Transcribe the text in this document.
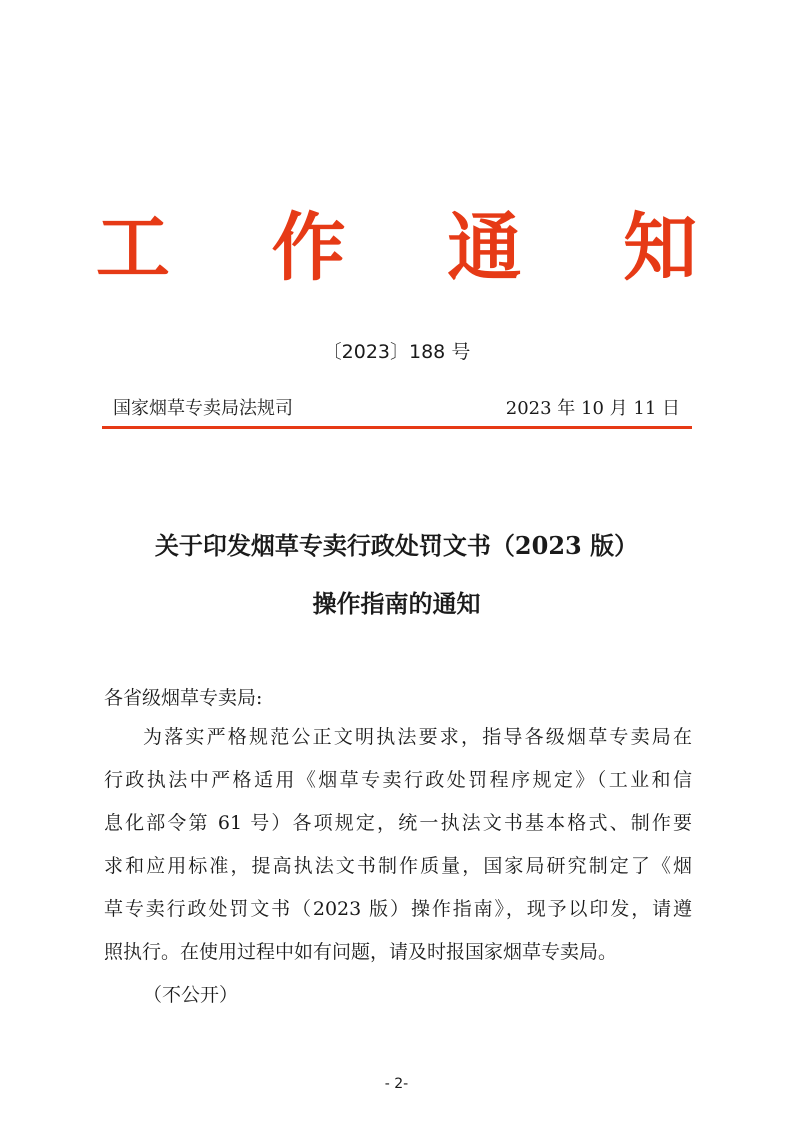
工 作 通 知
〔2023〕188 号
国家烟草专卖局法规司	2023 年 10 月 11 日
关于印发烟草专卖行政处罚文书（2023 版）
操作指南的通知
各省级烟草专卖局:
为落实严格规范公正文明执法要求，指导各级烟草专卖局在
行政执法中严格适用《烟草专卖行政处罚程序规定》（工业和信
息化部令第 61 号）各项规定，统一执法文书基本格式、制作要
求和应用标准，提高执法文书制作质量，国家局研究制定了《烟
草专卖行政处罚文书（2023 版）操作指南》，现予以印发，请遵
照执行。在使用过程中如有问题，请及时报国家烟草专卖局。
（不公开）
- 2-
